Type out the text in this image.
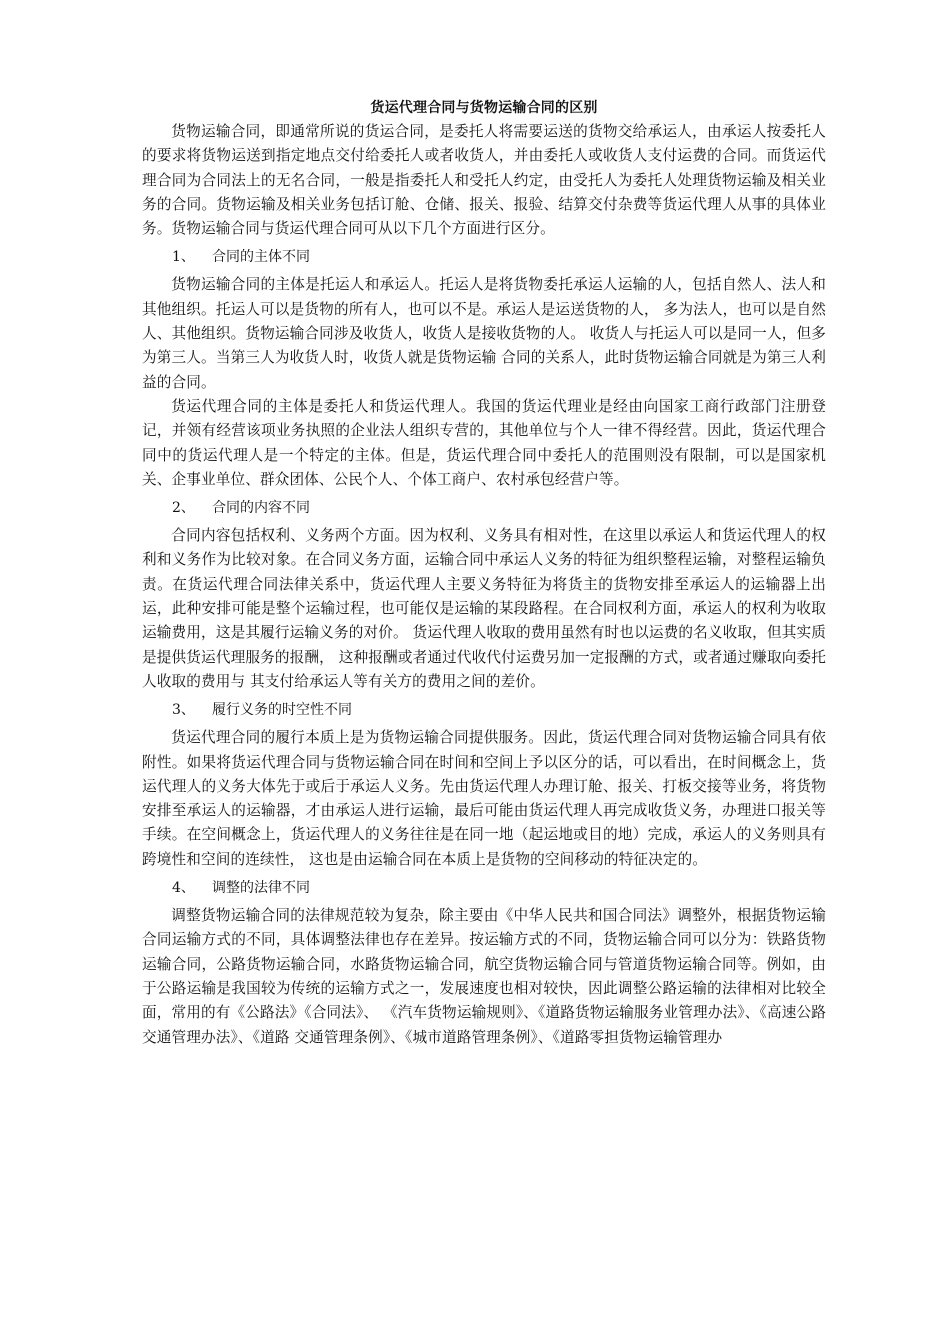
货运代理合同与货物运输合同的区别

货物运输合同，即通常所说的货运合同，是委托人将需要运送的货物交给承运人，由承运人按委托人的要求将货物运送到指定地点交付给委托人或者收货人，并由委托人或收货人支付运费的合同。而货运代理合同为合同法上的无名合同，一般是指委托人和受托人约定，由受托人为委托人处理货物运输及相关业务的合同。货物运输及相关业务包括订舱、仓储、报关、报验、结算交付杂费等货运代理人从事的具体业务。货物运输合同与货运代理合同可从以下几个方面进行区分。

1、 合同的主体不同

货物运输合同的主体是托运人和承运人。托运人是将货物委托承运人运输的人，包括自然人、法人和其他组织。托运人可以是货物的所有人，也可以不是。承运人是运送货物的人， 多为法人，也可以是自然人、其他组织。货物运输合同涉及收货人，收货人是接收货物的人。 收货人与托运人可以是同一人，但多为第三人。当第三人为收货人时，收货人就是货物运输 合同的关系人，此时货物运输合同就是为第三人利益的合同。

货运代理合同的主体是委托人和货运代理人。我国的货运代理业是经由向国家工商行政部门注册登记，并领有经营该项业务执照的企业法人组织专营的，其他单位与个人一律不得经营。因此，货运代理合同中的货运代理人是一个特定的主体。但是，货运代理合同中委托人的范围则没有限制，可以是国家机关、企事业单位、群众团体、公民个人、个体工商户、农村承包经营户等。

2、 合同的内容不同

合同内容包括权利、义务两个方面。因为权利、义务具有相对性，在这里以承运人和货运代理人的权利和义务作为比较对象。在合同义务方面，运输合同中承运人义务的特征为组织整程运输，对整程运输负责。在货运代理合同法律关系中，货运代理人主要义务特征为将货主的货物安排至承运人的运输器上出运，此种安排可能是整个运输过程，也可能仅是运输的某段路程。在合同权利方面，承运人的权利为收取运输费用，这是其履行运输义务的对价。 货运代理人收取的费用虽然有时也以运费的名义收取，但其实质是提供货运代理服务的报酬， 这种报酬或者通过代收代付运费另加一定报酬的方式，或者通过赚取向委托人收取的费用与 其支付给承运人等有关方的费用之间的差价。

3、 履行义务的时空性不同

货运代理合同的履行本质上是为货物运输合同提供服务。因此，货运代理合同对货物运输合同具有依附性。如果将货运代理合同与货物运输合同在时间和空间上予以区分的话，可以看出，在时间概念上，货运代理人的义务大体先于或后于承运人义务。先由货运代理人办理订舱、报关、打板交接等业务，将货物安排至承运人的运输器，才由承运人进行运输，最后可能由货运代理人再完成收货义务，办理进口报关等手续。在空间概念上，货运代理人的义务往往是在同一地（起运地或目的地）完成，承运人的义务则具有跨境性和空间的连续性， 这也是由运输合同在本质上是货物的空间移动的特征决定的。

4、 调整的法律不同

调整货物运输合同的法律规范较为复杂，除主要由《中华人民共和国合同法》调整外，根据货物运输合同运输方式的不同，具体调整法律也存在差异。按运输方式的不同，货物运输合同可以分为：铁路货物运输合同，公路货物运输合同，水路货物运输合同，航空货物运输合同与管道货物运输合同等。例如，由于公路运输是我国较为传统的运输方式之一，发展速度也相对较快，因此调整公路运输的法律相对比较全面，常用的有《公路法》《合同法》、 《汽车货物运输规则》、《道路货物运输服务业管理办法》、《高速公路交通管理办法》、《道路 交通管理条例》、《城市道路管理条例》、《道路零担货物运输管理办
